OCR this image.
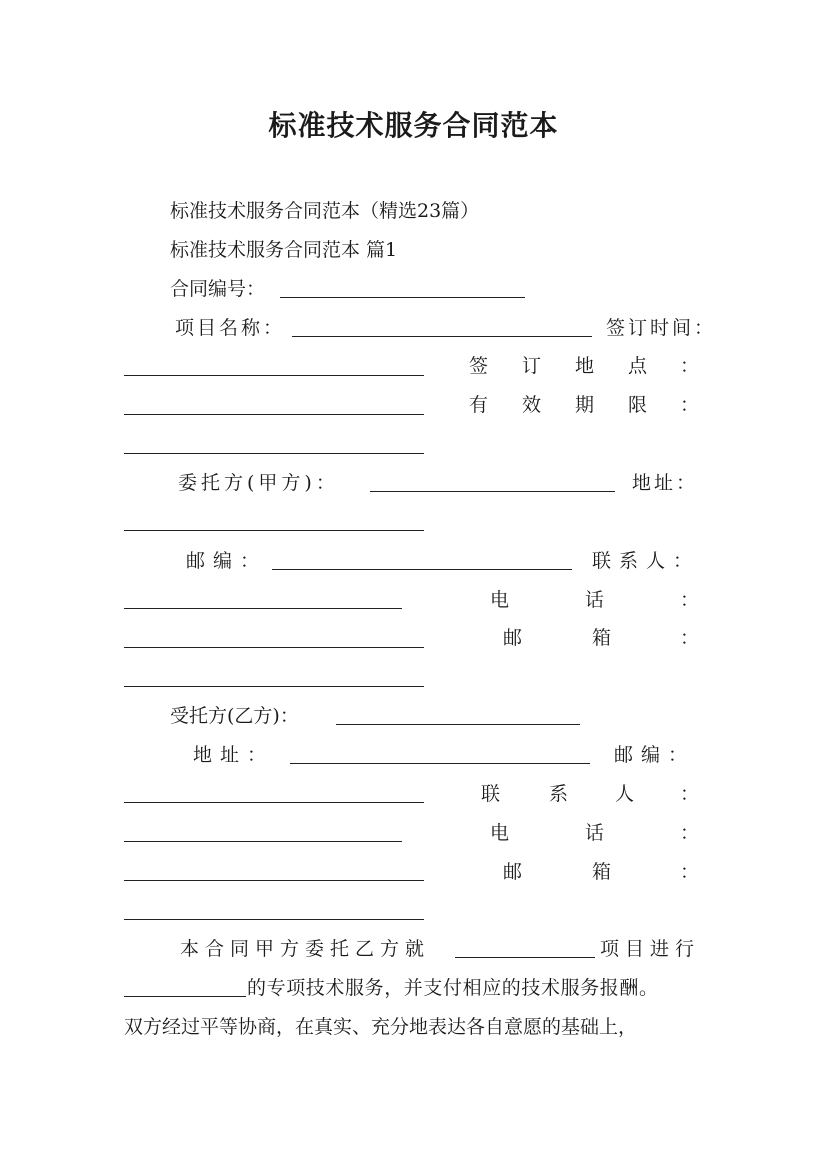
标准技术服务合同范本
标准技术服务合同范本（精选23篇）
标准技术服务合同范本 篇1
合同编号：
项目名称：	签订时间：
签 订 地 点 ：
有 效 期 限 ：
委托方(甲方)：	地址：
邮编：	联系人：
电	话	：
邮	箱	：
受托方(乙方)：
地址：	邮编：
联	系 人 ：
电	话	：
邮	箱	：
本合同甲方委托乙方就	项目进行
的专项技术服务，并支付相应的技术服务报酬。
双方经过平等协商，在真实、充分地表达各自意愿的基础上，
